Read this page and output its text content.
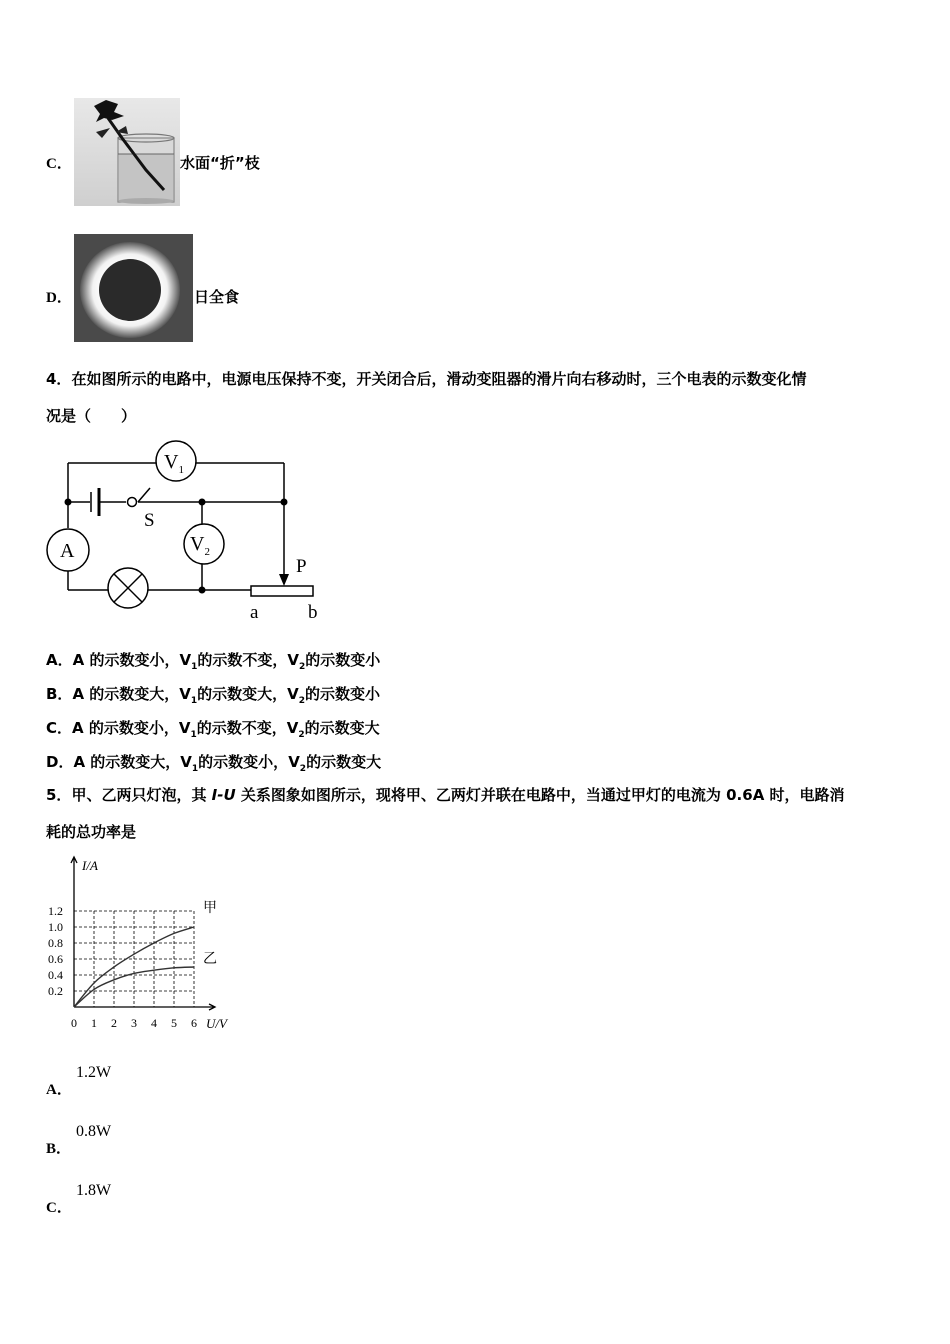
C．	水面“折”枝
D．	日全食
4．在如图所示的电路中，电源电压保持不变，开关闭合后，滑动变阻器的滑片向右移动时，三个电表的示数变化情
况是（　　）
$V_1$
$V_2$
A
S
P
a	b
A．A 的示数变小，$V_1$的示数不变，$V_2$的示数变小
B．A 的示数变大，$V_1$的示数变大，$V_2$的示数变小
C．A 的示数变小，$V_1$的示数不变，$V_2$的示数变大
D．A 的示数变大，$V_1$的示数变小，$V_2$的示数变大
5．甲、乙两只灯泡，其 I-U 关系图象如图所示，现将甲、乙两灯并联在电路中，当通过甲灯的电流为 0.6A 时，电路消
耗的总功率是
0 1 2 3 4 5 6
0.2
0.4
0.6
0.8
1.0
1.2
I/A
U/V
甲
乙
A．
1.2W
B．
0.8W
C．
1.8W
